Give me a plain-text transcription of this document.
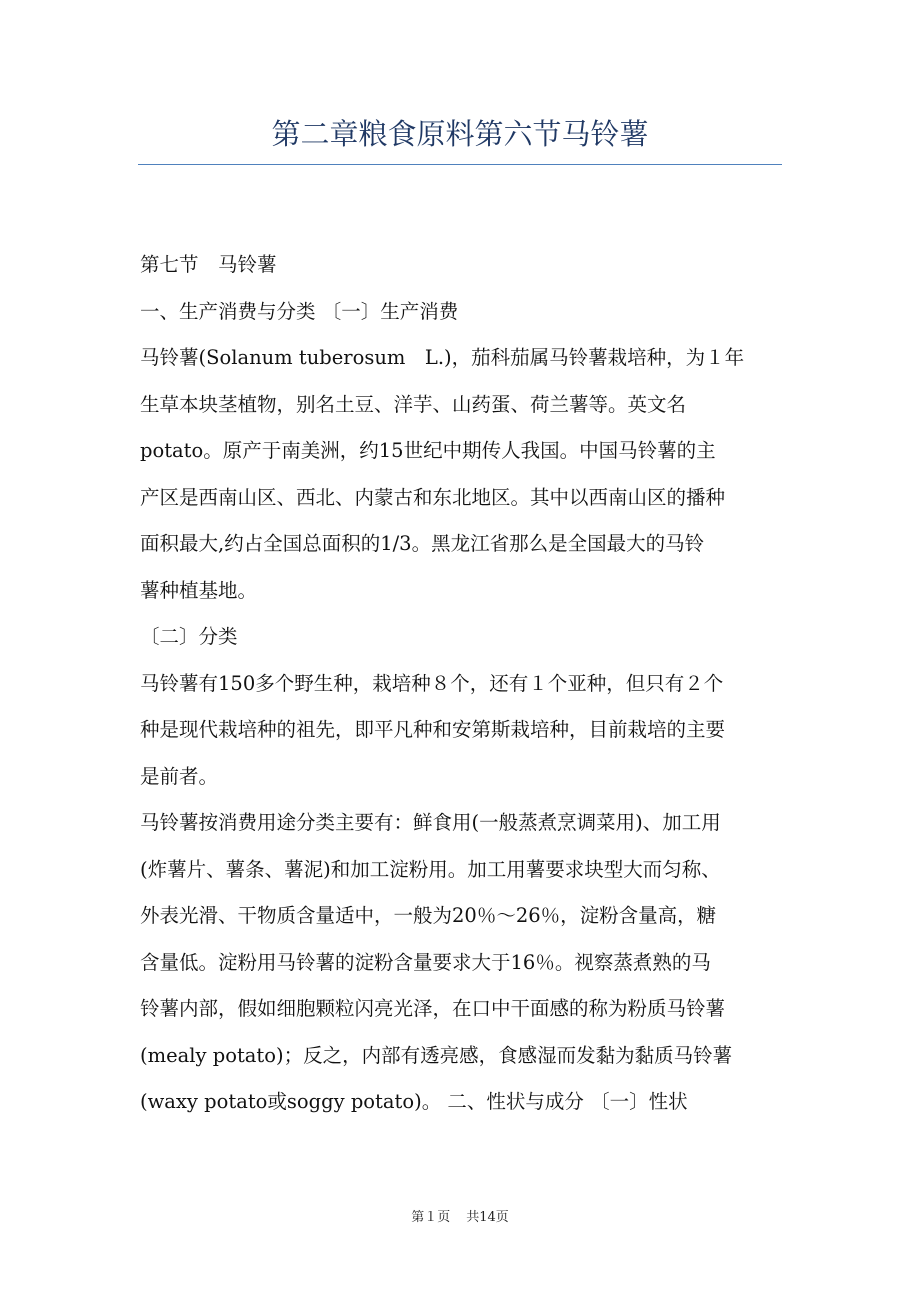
第二章粮食原料第六节马铃薯

第七节　马铃薯

一、生产消费与分类 〔一〕生产消费

马铃薯(Solanum tuberosum　L.)，茄科茄属马铃薯栽培种，为１年
生草本块茎植物，别名土豆、洋芋、山药蛋、荷兰薯等。英文名
potato。原产于南美洲，约15世纪中期传人我国。中国马铃薯的主
产区是西南山区、西北、内蒙古和东北地区。其中以西南山区的播种
面积最大,约占全国总面积的1/3。黑龙江省那么是全国最大的马铃
薯种植基地。

〔二〕分类

马铃薯有150多个野生种，栽培种８个，还有１个亚种，但只有２个
种是现代栽培种的祖先，即平凡种和安第斯栽培种，目前栽培的主要
是前者。

马铃薯按消费用途分类主要有：鲜食用(一般蒸煮烹调菜用)、加工用
(炸薯片、薯条、薯泥)和加工淀粉用。加工用薯要求块型大而匀称、
外表光滑、干物质含量适中，一般为20％～26％，淀粉含量高，糖
含量低。淀粉用马铃薯的淀粉含量要求大于16％。视察蒸煮熟的马
铃薯内部，假如细胞颗粒闪亮光泽，在口中干面感的称为粉质马铃薯
(mealy potato)；反之，内部有透亮感，食感湿而发黏为黏质马铃薯
(waxy potato或soggy potato)。 二、性状与成分 〔一〕性状

第１页 共14页
